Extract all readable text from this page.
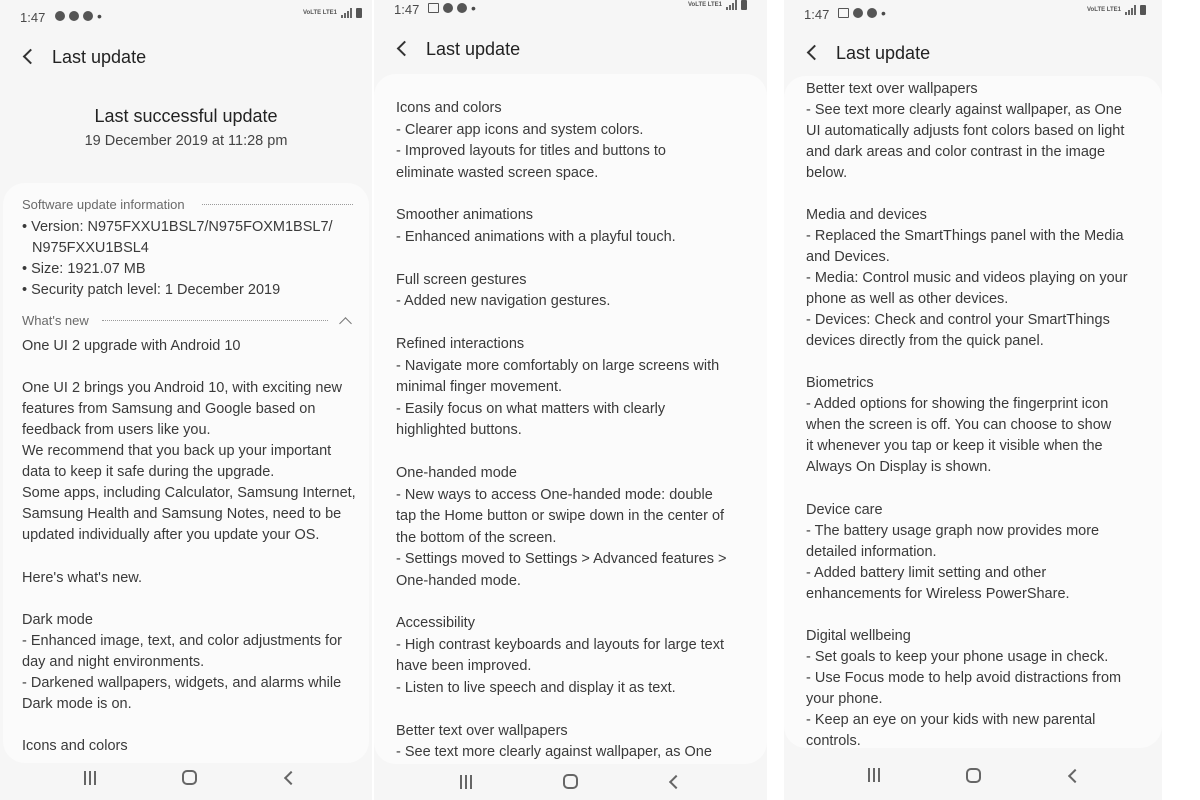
1:47	•	VoLTE LTE1
Last update
Last successful update
19 December 2019 at 11:28 pm
Software update information
• Version: N975FXXU1BSL7/N975FOXM1BSL7/
N975FXXU1BSL4
• Size: 1921.07 MB
• Security patch level: 1 December 2019
What's new
One UI 2 upgrade with Android 10
One UI 2 brings you Android 10, with exciting new
features from Samsung and Google based on
feedback from users like you.
We recommend that you back up your important
data to keep it safe during the upgrade.
Some apps, including Calculator, Samsung Internet,
Samsung Health and Samsung Notes, need to be
updated individually after you update your OS.
Here's what's new.
Dark mode
- Enhanced image, text, and color adjustments for
day and night environments.
- Darkened wallpapers, widgets, and alarms while
Dark mode is on.
Icons and colors
1:47	•	VoLTE LTE1
Last update
Icons and colors
- Clearer app icons and system colors.
- Improved layouts for titles and buttons to
eliminate wasted screen space.
Smoother animations
- Enhanced animations with a playful touch.
Full screen gestures
- Added new navigation gestures.
Refined interactions
- Navigate more comfortably on large screens with
minimal finger movement.
- Easily focus on what matters with clearly
highlighted buttons.
One-handed mode
- New ways to access One-handed mode: double
tap the Home button or swipe down in the center of
the bottom of the screen.
- Settings moved to Settings > Advanced features >
One-handed mode.
Accessibility
- High contrast keyboards and layouts for large text
have been improved.
- Listen to live speech and display it as text.
Better text over wallpapers
- See text more clearly against wallpaper, as One
1:47	•	VoLTE LTE1
Last update
Better text over wallpapers
- See text more clearly against wallpaper, as One
UI automatically adjusts font colors based on light
and dark areas and color contrast in the image
below.
Media and devices
- Replaced the SmartThings panel with the Media
and Devices.
- Media: Control music and videos playing on your
phone as well as other devices.
- Devices: Check and control your SmartThings
devices directly from the quick panel.
Biometrics
- Added options for showing the fingerprint icon
when the screen is off. You can choose to show
it whenever you tap or keep it visible when the
Always On Display is shown.
Device care
- The battery usage graph now provides more
detailed information.
- Added battery limit setting and other
enhancements for Wireless PowerShare.
Digital wellbeing
- Set goals to keep your phone usage in check.
- Use Focus mode to help avoid distractions from
your phone.
- Keep an eye on your kids with new parental
controls.
